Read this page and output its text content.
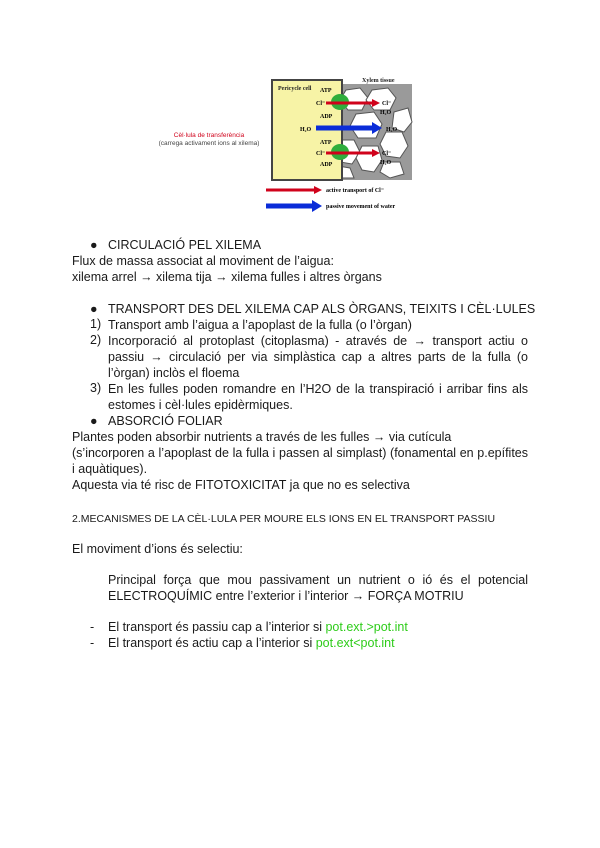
Cèl·lula de transferència
(carrega activament ions al xilema)
Xylem tissue
Pericycle cell ATP
Cl⁻
ADP
Cl⁻
H₂O
H₂O	H₂O
ATP
Cl⁻
ADP
Cl⁻
H₂O
active transport of Cl⁻
passive movement of water
● CIRCULACIÓ PEL XILEMA
Flux de massa associat al moviment de l’aigua:
xilema arrel → xilema tija → xilema fulles i altres òrgans
● TRANSPORT DES DEL XILEMA CAP ALS ÒRGANS, TEIXITS I CÈL·LULES
1) Transport amb l’aigua a l’apoplast de la fulla (o l’òrgan)
2) Incorporació al protoplast (citoplasma) - através de → transport actiu o passiu → circulació per via simplàstica cap a altres parts de la fulla (o l’òrgan) inclòs el floema
3) En les fulles poden romandre en l’H2O de la transpiració i arribar fins als estomes i cèl·lules epidèrmiques.
● ABSORCIÓ FOLIAR
Plantes poden absorbir nutrients a través de les fulles → via cutícula
(s’incorporen a l’apoplast de la fulla i passen al simplast) (fonamental en p.epífites i aquàtiques).
Aquesta via té risc de FITOTOXICITAT ja que no es selectiva
2.MECANISMES DE LA CÈL·LULA PER MOURE ELS IONS EN EL TRANSPORT PASSIU
El moviment d’ions és selectiu:
Principal força que mou passivament un nutrient o ió és el potencial ELECTROQUÍMIC entre l’exterior i l’interior → FORÇA MOTRIU
- El transport és passiu cap a l’interior si pot.ext.>pot.int
- El transport és actiu cap a l’interior si pot.ext<pot.int
